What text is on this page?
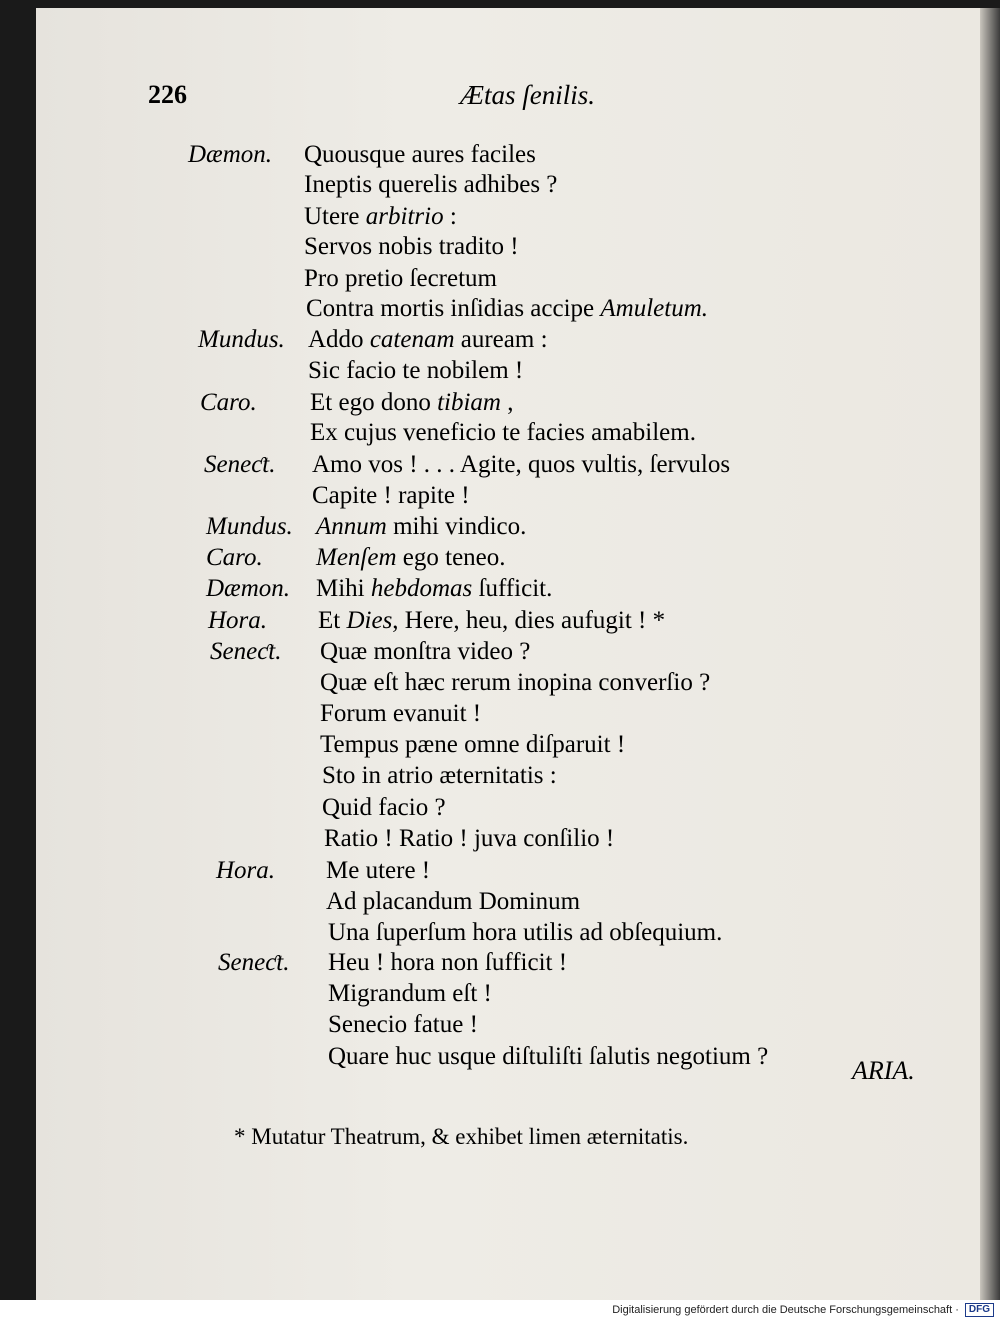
226	Ætas ſenilis.
Dæmon. Quousque aures faciles
Ineptis querelis adhibes ?
Utere arbitrio :
Servos nobis tradito !
Pro pretio ſecretum
Contra mortis inſidias accipe Amuletum.
Mundus. Addo catenam auream :
Sic facio te nobilem !
Caro. Et ego dono tibiam ,
Ex cujus veneficio te facies amabilem.
Seneƈt. Amo vos ! . . . Agite, quos vultis, ſervulos
Capite ! rapite !
Mundus. Annum mihi vindico.
Caro. Menſem ego teneo.
Dæmon. Mihi hebdomas ſufficit.
Hora. Et Dies, Here, heu, dies aufugit ! *
Seneƈt. Quæ monſtra video ?
Quæ eſt hæc rerum inopina converſio ?
Forum evanuit !
Tempus pæne omne diſparuit !
Sto in atrio æternitatis :
Quid facio ?
Ratio ! Ratio ! juva conſilio !
Hora. Me utere !
Ad placandum Dominum
Una ſuperſum hora utilis ad obſequium.
Seneƈt. Heu ! hora non ſufficit !
Migrandum eſt !
Senecio fatue !
Quare huc usque diſtuliſti ſalutis negotium ?	ARIA.
* Mutatur Theatrum, & exhibet limen æternitatis.
Digitalisierung gefördert durch die Deutsche Forschungsgemeinschaft ·	DFG
